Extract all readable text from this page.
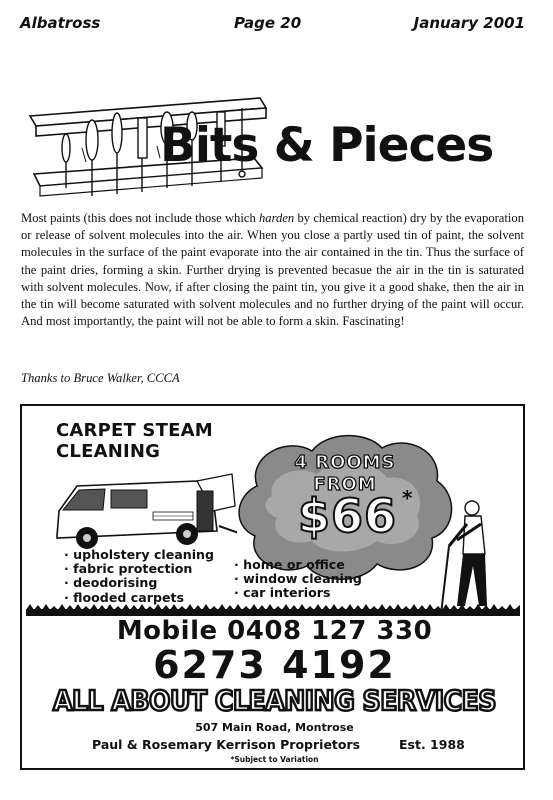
Albatross	Page 20	January 2001
Bits & Pieces
Most paints (this does not include those which harden by chemical reaction) dry by the evaporation or release of solvent molecules into the air. When you close a partly used tin of paint, the solvent molecules in the surface of the paint evaporate into the air contained in the tin. Thus the surface of the paint dries, forming a skin. Further drying is prevented becasue the air in the tin is saturated with solvent molecules. Now, if after closing the paint tin, you give it a good shake, then the air in the tin will become saturated with solvent molecules and no further drying of the paint will occur. And most importantly, the paint will not be able to form a skin. Fascinating!
Thanks to Bruce Walker, CCCA
CARPET STEAM
CLEANING
4 ROOMS
FROM
$66 *
· upholstery cleaning
· fabric protection
· deodorising
· flooded carpets
· home or office
· window cleaning
· car interiors
Mobile 0408 127 330
6273 4192
ALL ABOUT CLEANING SERVICES
507 Main Road, Montrose
Paul & Rosemary Kerrison Proprietors	Est. 1988
*Subject to Variation
